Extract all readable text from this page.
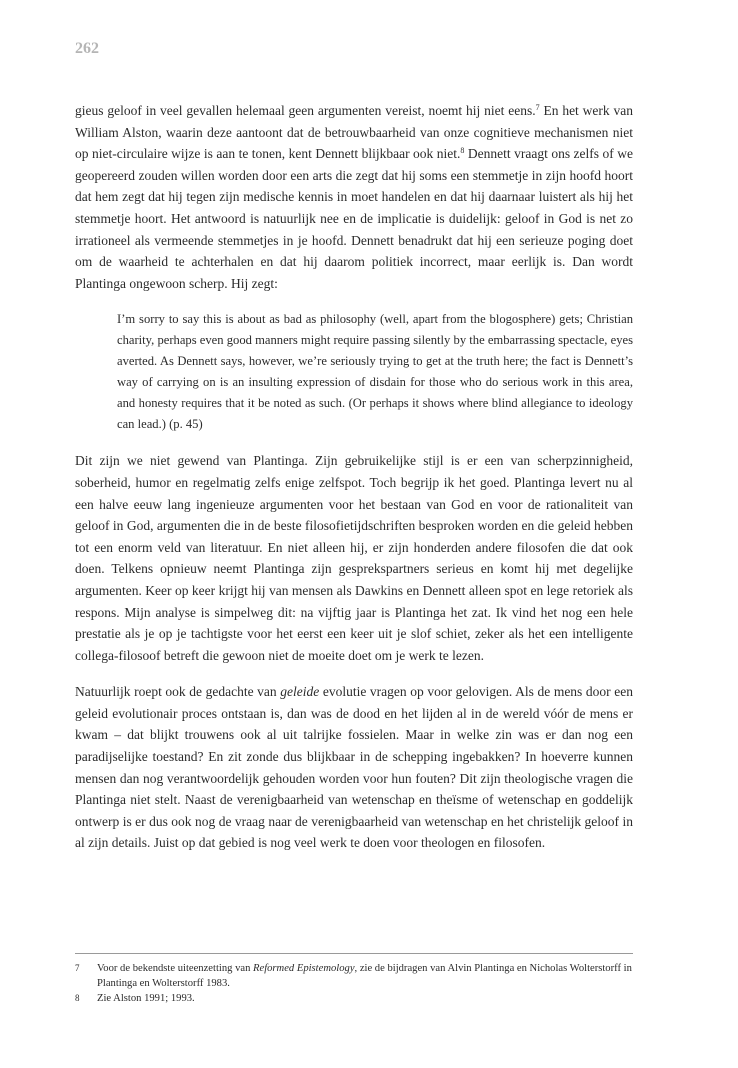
262

gieus geloof in veel gevallen helemaal geen argumenten vereist, noemt hij niet eens.$^7$ En het werk van William Alston, waarin deze aantoont dat de betrouwbaarheid van onze cognitieve mechanismen niet op niet-circulaire wijze is aan te tonen, kent Dennett blijkbaar ook niet.$^8$ Dennett vraagt ons zelfs of we geopereerd zouden willen worden door een arts die zegt dat hij soms een stemmetje in zijn hoofd hoort dat hem zegt dat hij tegen zijn medische kennis in moet handelen en dat hij daarnaar luistert als hij het stemmetje hoort. Het antwoord is natuurlijk nee en de implicatie is duidelijk: geloof in God is net zo irrationeel als vermeende stemmetjes in je hoofd. Dennett benadrukt dat hij een serieuze poging doet om de waarheid te achterhalen en dat hij daarom politiek incorrect, maar eerlijk is. Dan wordt Plantinga ongewoon scherp. Hij zegt:

I’m sorry to say this is about as bad as philosophy (well, apart from the blogosphere) gets; Christian charity, perhaps even good manners might require passing silently by the embarrassing spectacle, eyes averted. As Dennett says, however, we’re seriously trying to get at the truth here; the fact is Dennett’s way of carrying on is an insulting expression of disdain for those who do serious work in this area, and honesty requires that it be noted as such. (Or perhaps it shows where blind allegiance to ideology can lead.) (p. 45)

Dit zijn we niet gewend van Plantinga. Zijn gebruikelijke stijl is er een van scherpzinnigheid, soberheid, humor en regelmatig zelfs enige zelfspot. Toch begrijp ik het goed. Plantinga levert nu al een halve eeuw lang ingenieuze argumenten voor het bestaan van God en voor de rationaliteit van geloof in God, argumenten die in de beste filosofietijdschriften besproken worden en die geleid hebben tot een enorm veld van literatuur. En niet alleen hij, er zijn honderden andere filosofen die dat ook doen. Telkens opnieuw neemt Plantinga zijn gesprekspartners serieus en komt hij met degelijke argumenten. Keer op keer krijgt hij van mensen als Dawkins en Dennett alleen spot en lege retoriek als respons. Mijn analyse is simpelweg dit: na vijftig jaar is Plantinga het zat. Ik vind het nog een hele prestatie als je op je tachtigste voor het eerst een keer uit je slof schiet, zeker als het een intelligente collega-filosoof betreft die gewoon niet de moeite doet om je werk te lezen.

Natuurlijk roept ook de gedachte van geleide evolutie vragen op voor gelovigen. Als de mens door een geleid evolutionair proces ontstaan is, dan was de dood en het lijden al in de wereld vóór de mens er kwam – dat blijkt trouwens ook al uit talrijke fossielen. Maar in welke zin was er dan nog een paradijselijke toestand? En zit zonde dus blijkbaar in de schepping ingebakken? In hoeverre kunnen mensen dan nog verantwoordelijk gehouden worden voor hun fouten? Dit zijn theologische vragen die Plantinga niet stelt. Naast de verenigbaarheid van wetenschap en theïsme of wetenschap en goddelijk ontwerp is er dus ook nog de vraag naar de verenigbaarheid van wetenschap en het christelijk geloof in al zijn details. Juist op dat gebied is nog veel werk te doen voor theologen en filosofen.

7	Voor de bekendste uiteenzetting van Reformed Epistemology, zie de bijdragen van Alvin Plantinga en Nicholas Wolterstorff in Plantinga en Wolterstorff 1983.
8	Zie Alston 1991; 1993.
